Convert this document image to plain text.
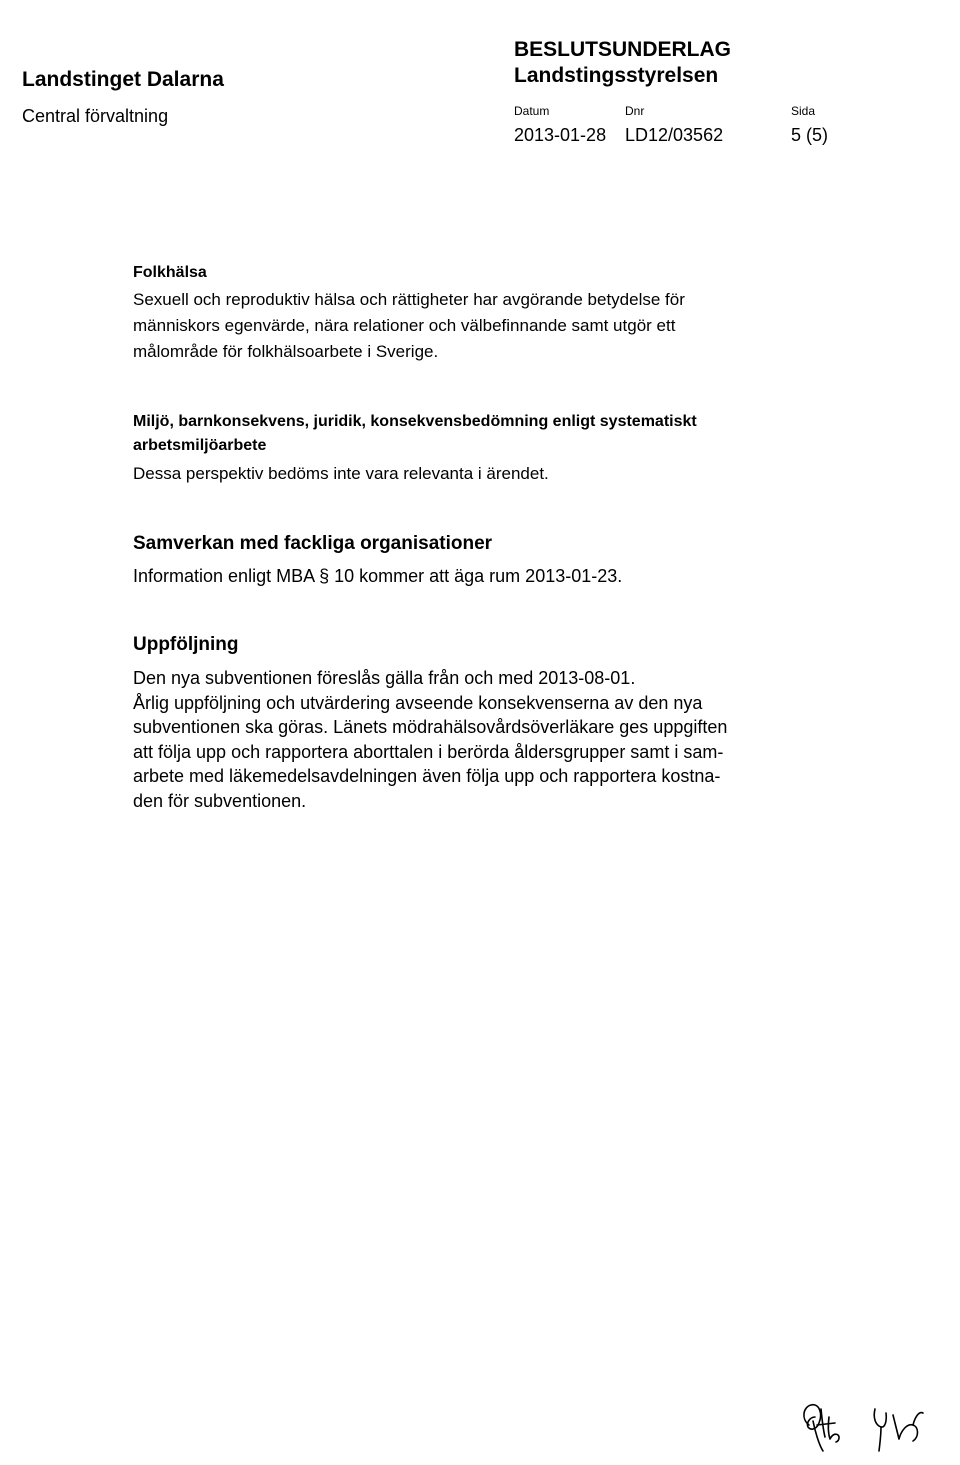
Landstinget Dalarna
Central förvaltning
BESLUTSUNDERLAG
Landstingsstyrelsen
Datum	Dnr	Sida
2013-01-28 LD12/03562	5 (5)
Folkhälsa
Sexuell och reproduktiv hälsa och rättigheter har avgörande betydelse för
människors egenvärde, nära relationer och välbefinnande samt utgör ett
målområde för folkhälsoarbete i Sverige.
Miljö, barnkonsekvens, juridik, konsekvensbedömning enligt systematiskt
arbetsmiljöarbete
Dessa perspektiv bedöms inte vara relevanta i ärendet.
Samverkan med fackliga organisationer
Information enligt MBA § 10 kommer att äga rum 2013-01-23.
Uppföljning
Den nya subventionen föreslås gälla från och med 2013-08-01.
Årlig uppföljning och utvärdering avseende konsekvenserna av den nya
subventionen ska göras. Länets mödrahälsovårdsöverläkare ges uppgiften
att följa upp och rapportera aborttalen i berörda åldersgrupper samt i sam-
arbete med läkemedelsavdelningen även följa upp och rapportera kostna-
den för subventionen.
